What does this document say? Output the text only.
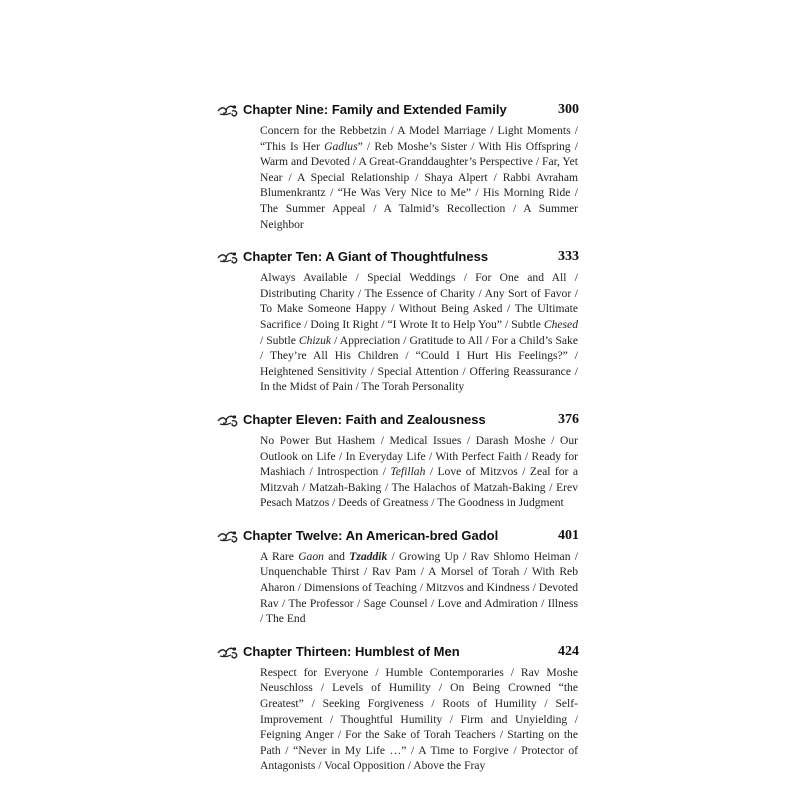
Chapter Nine: Family and Extended Family	300
Concern for the Rebbetzin / A Model Marriage / Light Moments / “This Is Her Gadlus” / Reb Moshe’s Sister / With His Offspring / Warm and Devoted / A Great-Granddaughter’s Perspective / Far, Yet Near / A Special Relationship / Shaya Alpert / Rabbi Avraham Blumenkrantz / “He Was Very Nice to Me” / His Morning Ride / The Summer Appeal / A Talmid’s Recollection / A Summer Neighbor
Chapter Ten: A Giant of Thoughtfulness	333
Always Available / Special Weddings / For One and All / Distributing Charity / The Essence of Charity / Any Sort of Favor / To Make Someone Happy / Without Being Asked / The Ultimate Sacrifice / Doing It Right / “I Wrote It to Help You” / Subtle Chesed / Subtle Chizuk / Appreciation / Gratitude to All / For a Child’s Sake / They’re All His Children / “Could I Hurt His Feelings?” / Heightened Sensitivity / Special Attention / Offering Reassurance / In the Midst of Pain / The Torah Personality
Chapter Eleven: Faith and Zealousness	376
No Power But Hashem / Medical Issues / Darash Moshe / Our Outlook on Life / In Everyday Life / With Perfect Faith / Ready for Mashiach / Introspection / Tefillah / Love of Mitzvos / Zeal for a Mitzvah / Matzah-Baking / The Halachos of Matzah-Baking / Erev Pesach Matzos / Deeds of Greatness / The Goodness in Judgment
Chapter Twelve: An American-bred Gadol	401
A Rare Gaon and Tzaddik / Growing Up / Rav Shlomo Heiman / Unquenchable Thirst / Rav Pam / A Morsel of Torah / With Reb Aharon / Dimensions of Teaching / Mitzvos and Kindness / Devoted Rav / The Professor / Sage Counsel / Love and Admiration / Illness / The End
Chapter Thirteen: Humblest of Men	424
Respect for Everyone / Humble Contemporaries / Rav Moshe Neuschloss / Levels of Humility / On Being Crowned “the Greatest” / Seeking Forgiveness / Roots of Humility / Self-Improvement / Thoughtful Humility / Firm and Unyielding / Feigning Anger / For the Sake of Torah Teachers / Starting on the Path / “Never in My Life …” / A Time to Forgive / Protector of Antagonists / Vocal Opposition / Above the Fray
